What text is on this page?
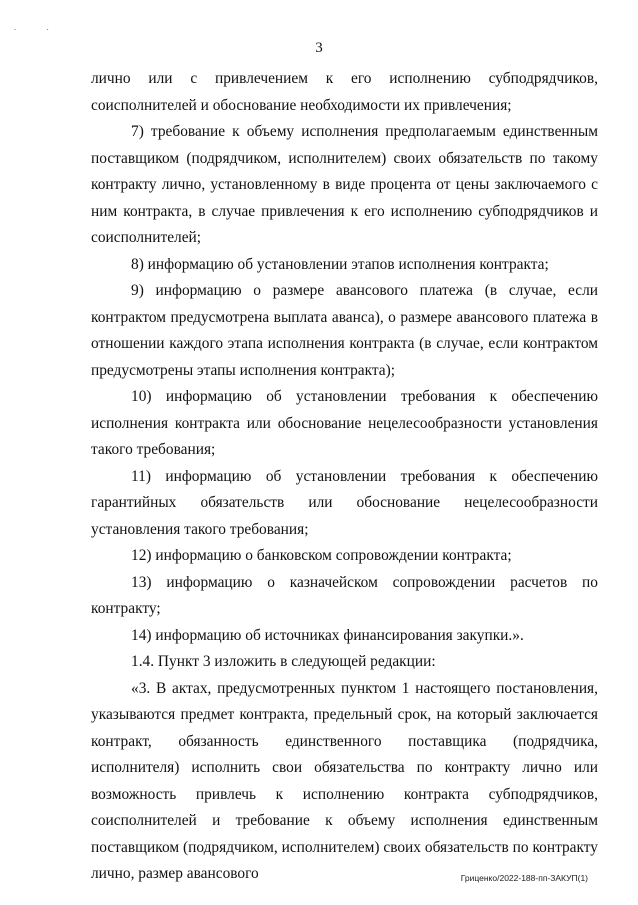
. .
3

лично или с привлечением к его исполнению субподрядчиков, соисполнителей и обоснование необходимости их привлечения;

7) требование к объему исполнения предполагаемым единственным поставщиком (подрядчиком, исполнителем) своих обязательств по такому контракту лично, установленному в виде процента от цены заключаемого с ним контракта, в случае привлечения к его исполнению субподрядчиков и соисполнителей;

8) информацию об установлении этапов исполнения контракта;

9) информацию о размере авансового платежа (в случае, если контрактом предусмотрена выплата аванса), о размере авансового платежа в отношении каждого этапа исполнения контракта (в случае, если контрактом предусмотрены этапы исполнения контракта);

10) информацию об установлении требования к обеспечению исполнения контракта или обоснование нецелесообразности установления такого требования;

11) информацию об установлении требования к обеспечению гарантийных обязательств или обоснование нецелесообразности установления такого требования;

12) информацию о банковском сопровождении контракта;

13) информацию о казначейском сопровождении расчетов по контракту;

14) информацию об источниках финансирования закупки.».

1.4. Пункт 3 изложить в следующей редакции:

«3. В актах, предусмотренных пунктом 1 настоящего постановления, указываются предмет контракта, предельный срок, на который заключается контракт, обязанность единственного поставщика (подрядчика, исполнителя) исполнить свои обязательства по контракту лично или возможность привлечь к исполнению контракта субподрядчиков, соисполнителей и требование к объему исполнения единственным поставщиком (подрядчиком, исполнителем) своих обязательств по контракту лично, размер авансового	Гриценко/2022-188-пп-ЗАКУП(1)
